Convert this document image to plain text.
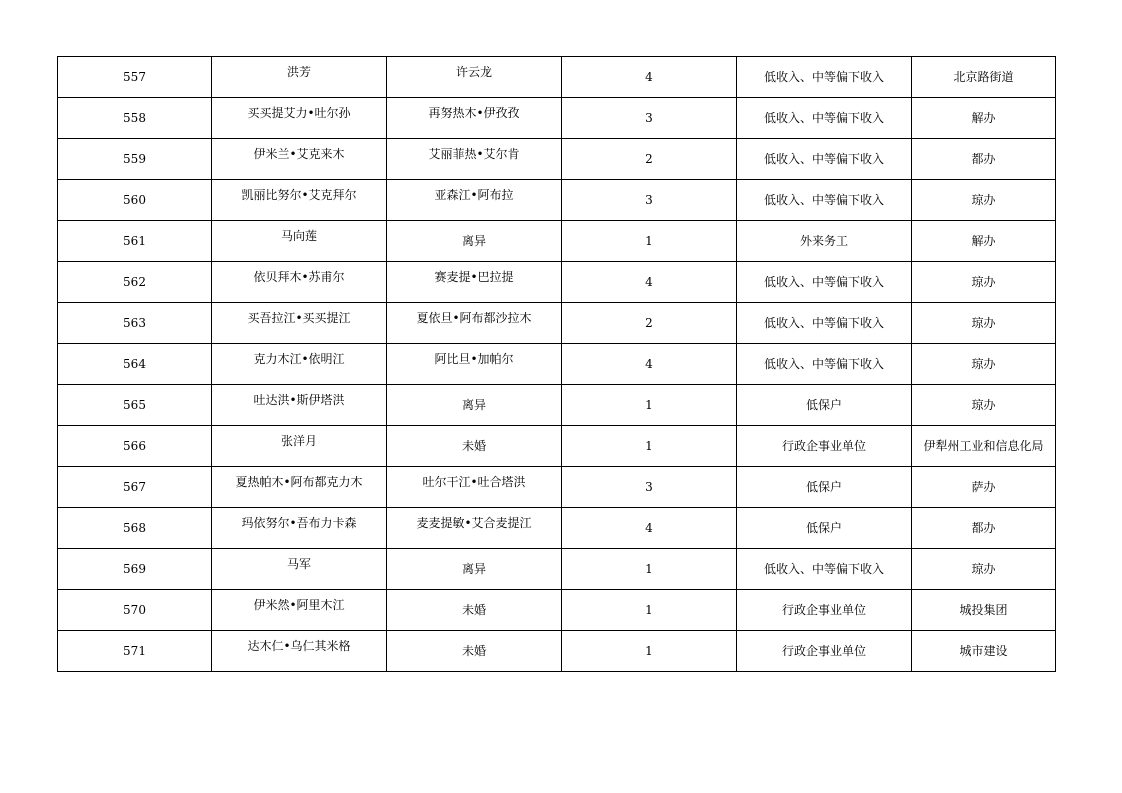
557	洪芳	许云龙	4	低收入、中等偏下收入	北京路街道
558	买买提艾力•吐尔孙	再努热木•伊孜孜	3	低收入、中等偏下收入	解办
559	伊米兰•艾克来木	艾丽菲热•艾尔肯	2	低收入、中等偏下收入	都办
560	凯丽比努尔•艾克拜尔	亚森江•阿布拉	3	低收入、中等偏下收入	琼办
561	马向莲	离异	1	外来务工	解办
562	依贝拜木•苏甫尔	赛麦提•巴拉提	4	低收入、中等偏下收入	琼办
563	买吾拉江•买买提江	夏依旦•阿布都沙拉木	2	低收入、中等偏下收入	琼办
564	克力木江•依明江	阿比旦•加帕尔	4	低收入、中等偏下收入	琼办
565	吐达洪•斯伊塔洪	离异	1	低保户	琼办
566	张洋月	未婚	1	行政企事业单位	伊犁州工业和信息化局
567	夏热帕木•阿布都克力木	吐尔干江•吐合塔洪	3	低保户	萨办
568	玛依努尔•吾布力卡森	麦麦提敏•艾合麦提江	4	低保户	都办
569	马军	离异	1	低收入、中等偏下收入	琼办
570	伊米然•阿里木江	未婚	1	行政企事业单位	城投集团
571	达木仁•乌仁其米格	未婚	1	行政企事业单位	城市建设
